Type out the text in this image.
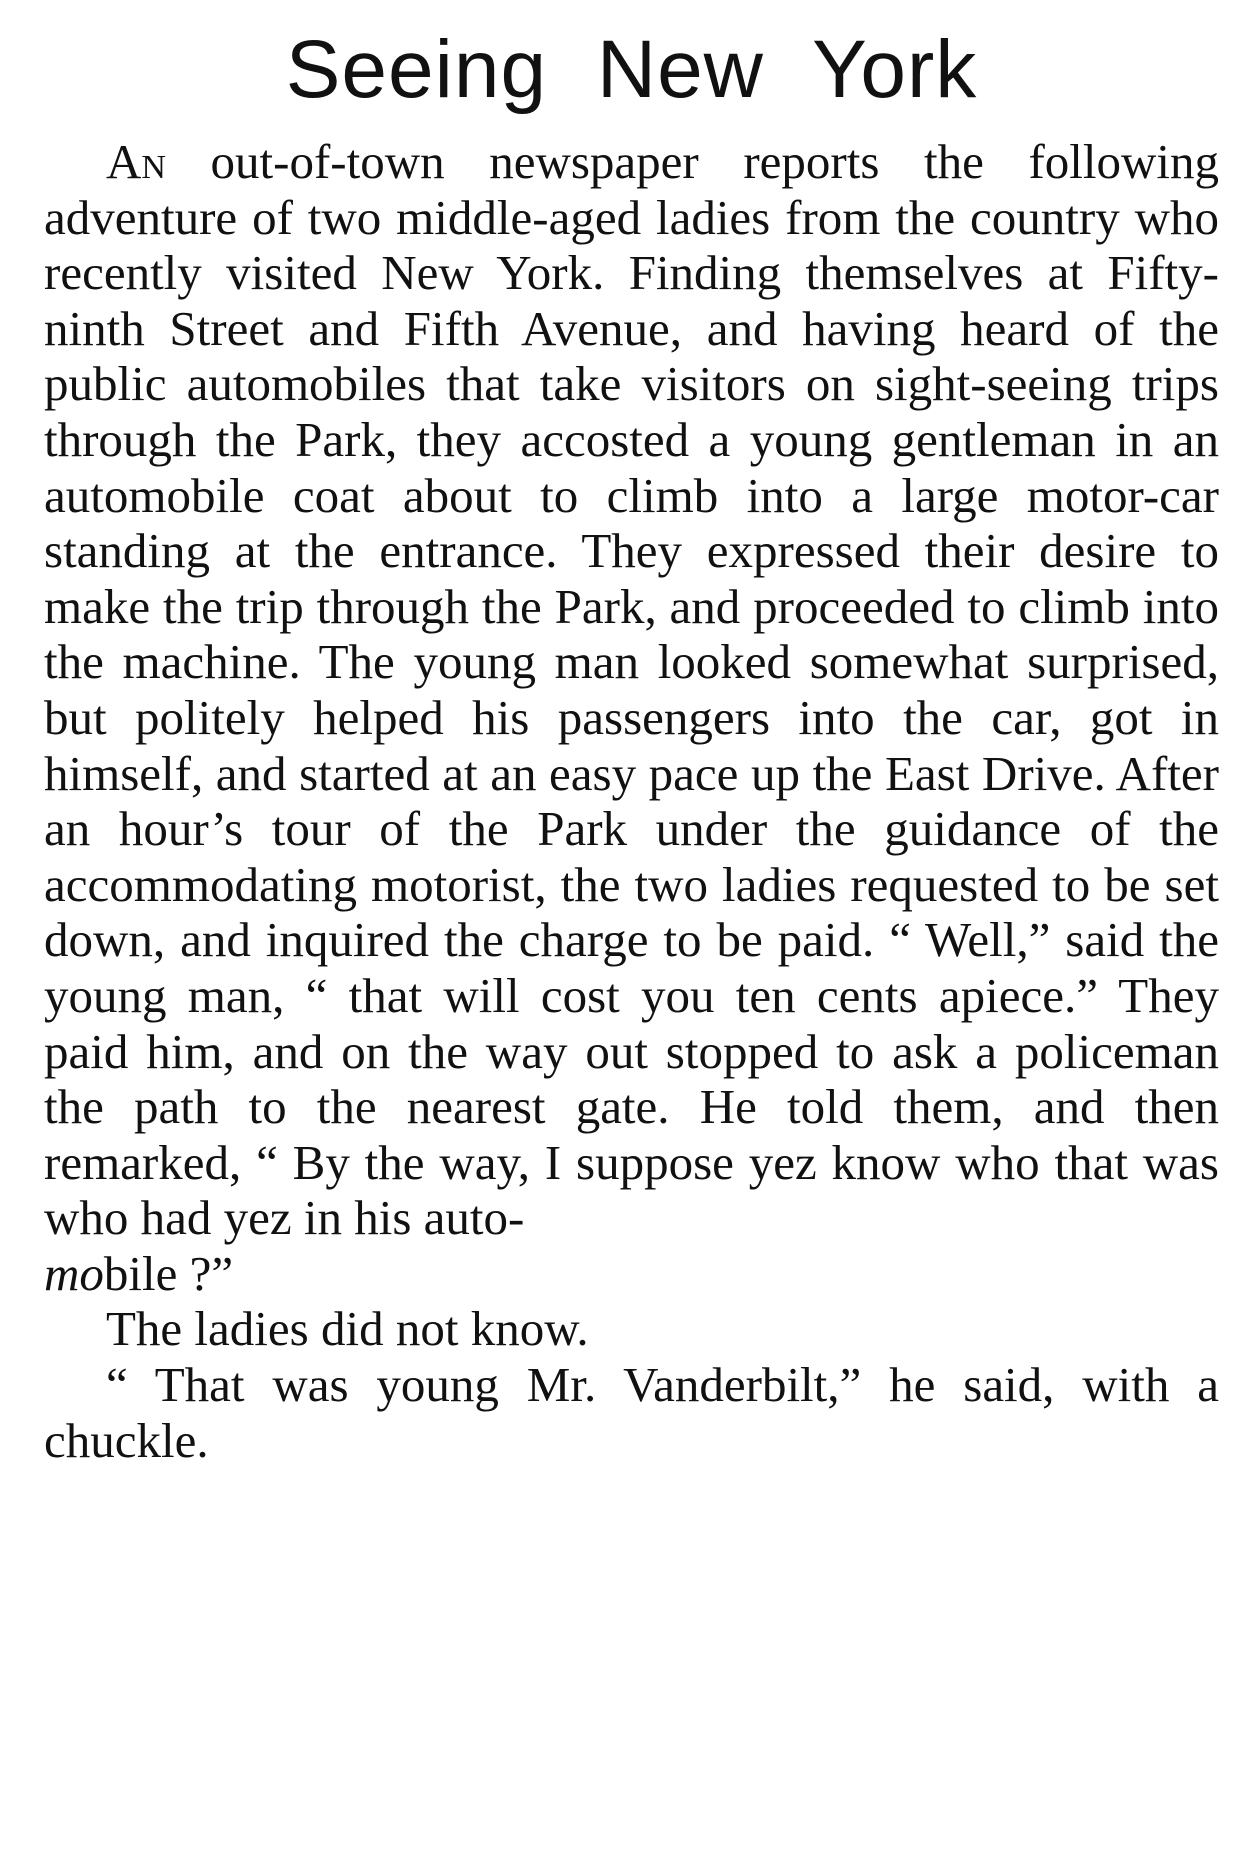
Seeing New York

An out-of-town newspaper reports the following adventure of two middle-aged ladies from the country who recently visited New York. Finding themselves at Fifty-ninth Street and Fifth Avenue, and having heard of the public automobiles that take visitors on sight-seeing trips through the Park, they accosted a young gentleman in an automobile coat about to climb into a large motor-car standing at the entrance. They expressed their desire to make the trip through the Park, and proceeded to climb into the machine. The young man looked somewhat surprised, but politely helped his passengers into the car, got in himself, and started at an easy pace up the East Drive. After an hour’s tour of the Park under the guidance of the accommodating motorist, the two ladies requested to be set down, and inquired the charge to be paid. “ Well,” said the young man, “ that will cost you ten cents apiece.” They paid him, and on the way out stopped to ask a policeman the path to the nearest gate. He told them, and then remarked, “ By the way, I suppose yez know who that was who had yez in his auto-
mobile ?”

The ladies did not know.

“ That was young Mr. Vanderbilt,” he said, with a chuckle.
